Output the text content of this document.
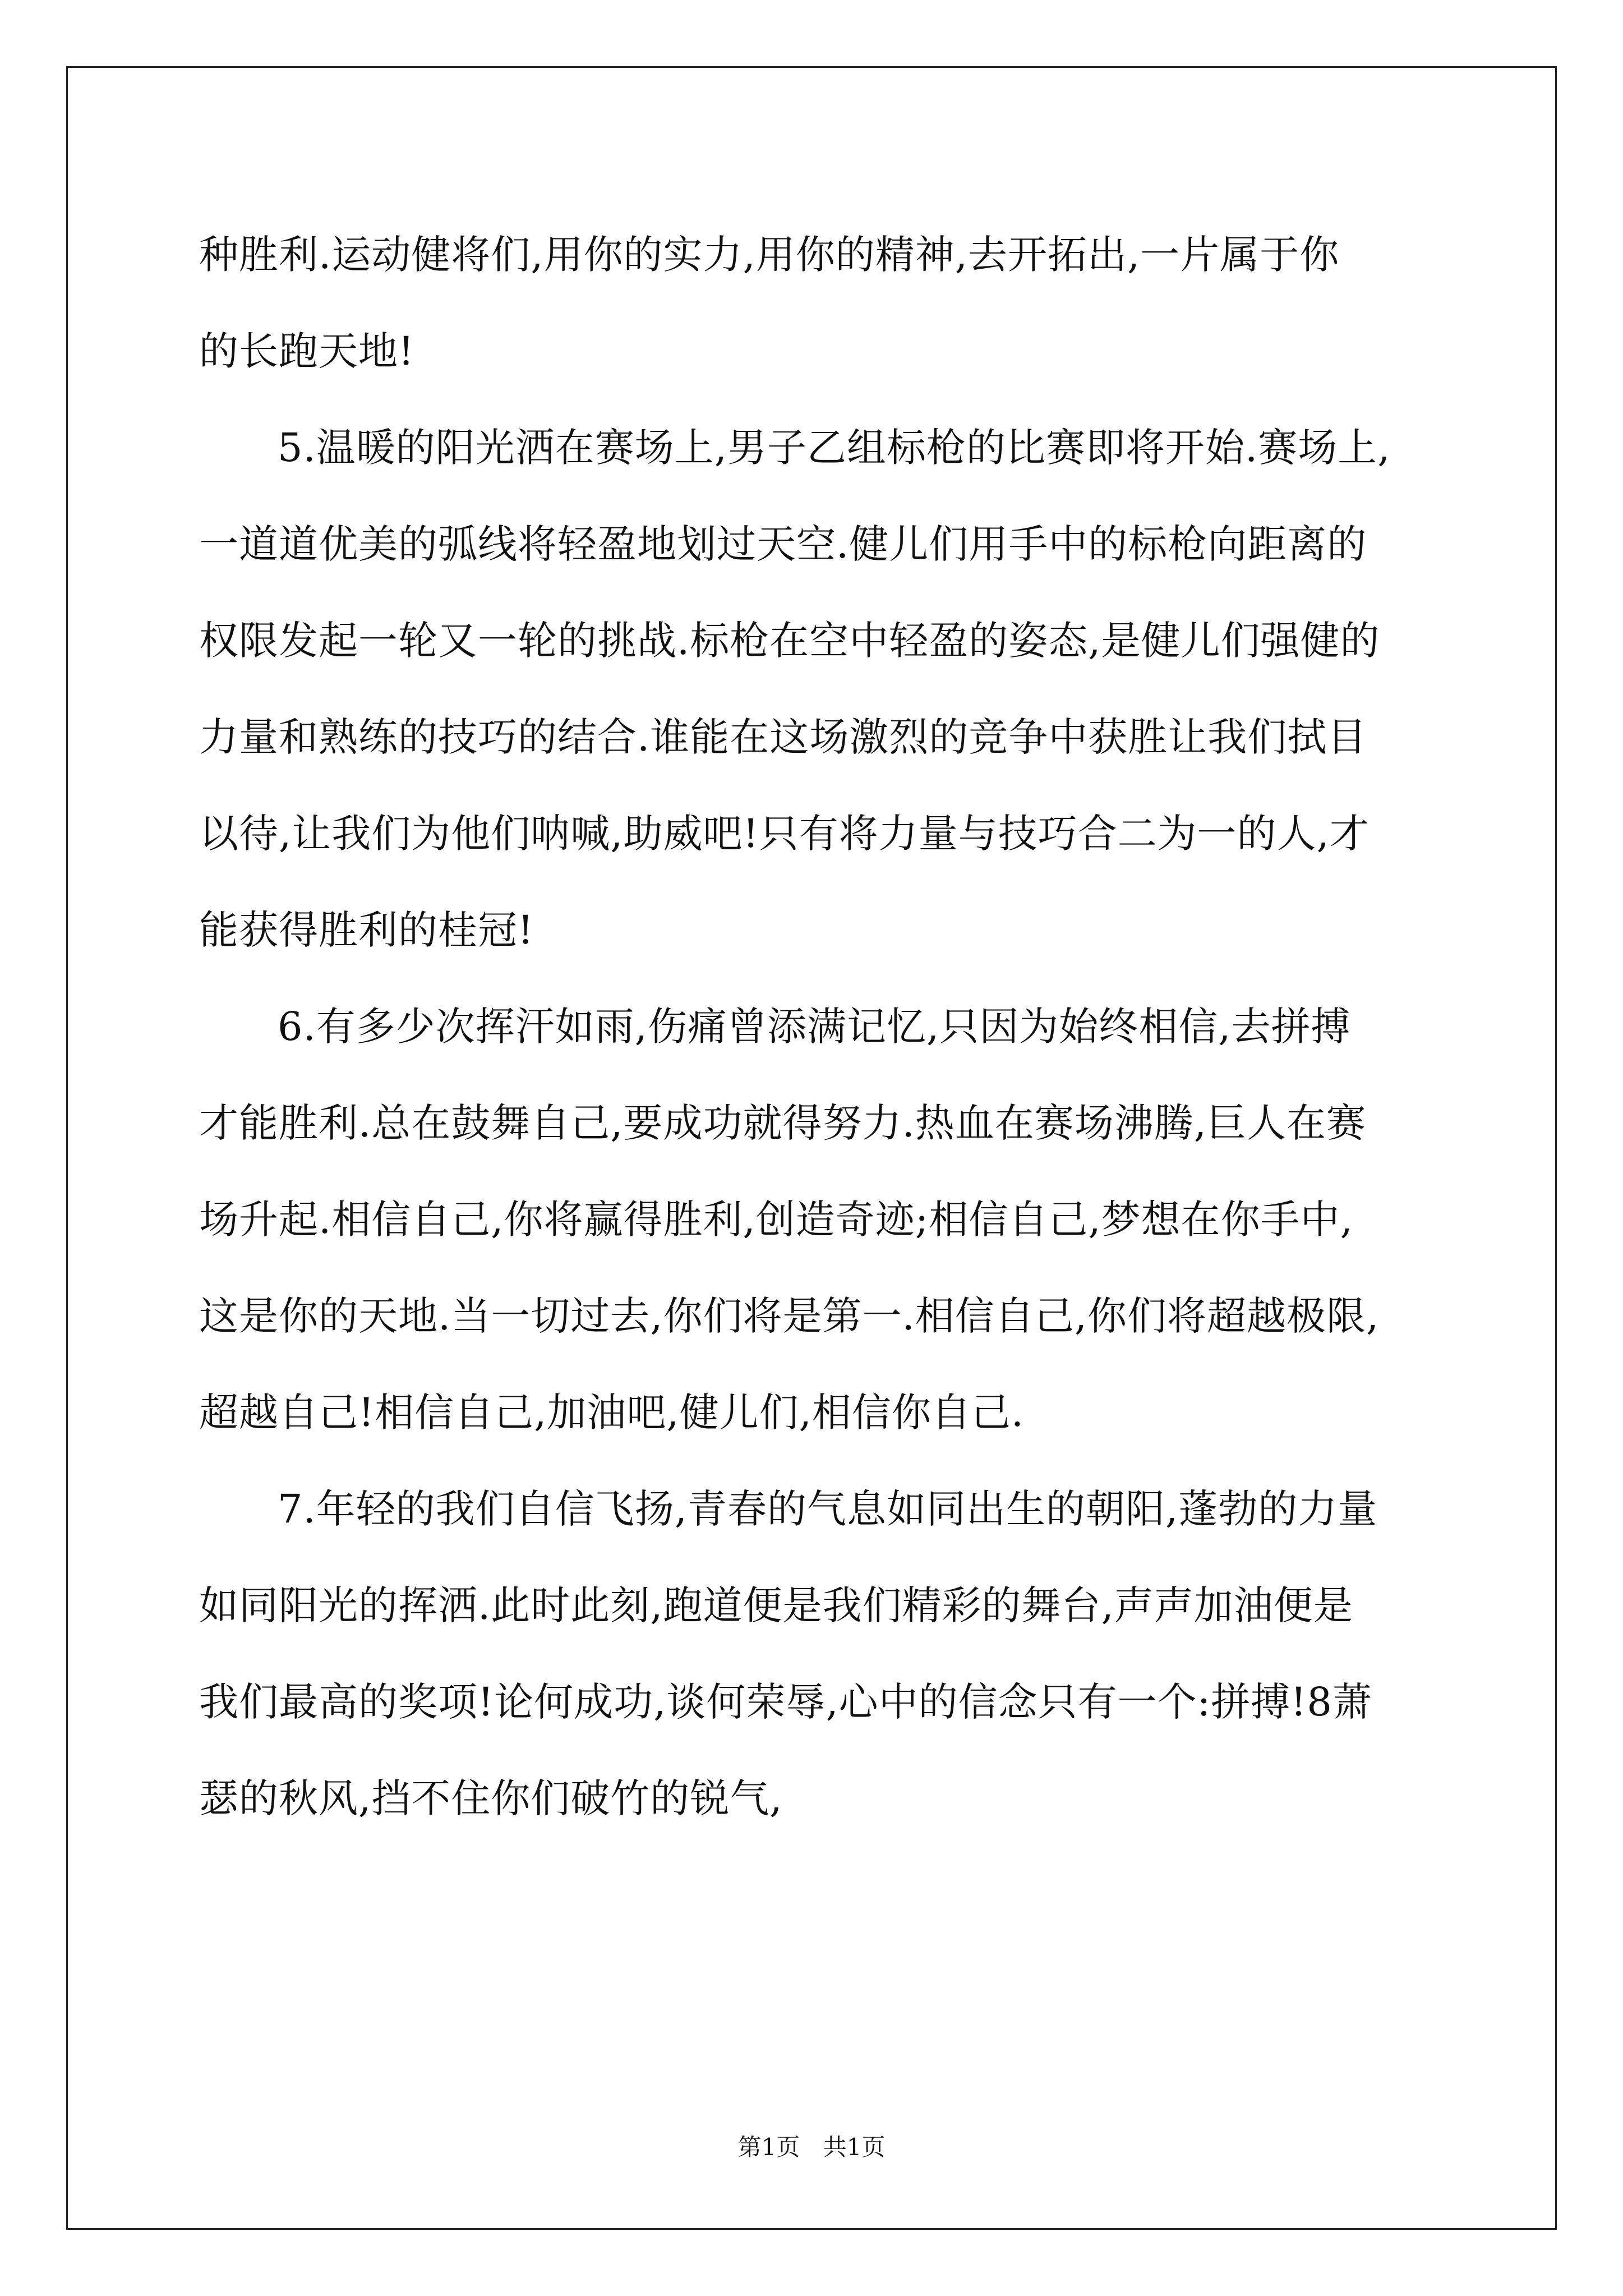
种胜利.运动健将们,用你的实力,用你的精神,去开拓出,一片属于你
的长跑天地!
5.温暖的阳光洒在赛场上,男子乙组标枪的比赛即将开始.赛场上,
一道道优美的弧线将轻盈地划过天空.健儿们用手中的标枪向距离的
权限发起一轮又一轮的挑战.标枪在空中轻盈的姿态,是健儿们强健的
力量和熟练的技巧的结合.谁能在这场激烈的竞争中获胜让我们拭目
以待,让我们为他们呐喊,助威吧!只有将力量与技巧合二为一的人,才
能获得胜利的桂冠!
6.有多少次挥汗如雨,伤痛曾添满记忆,只因为始终相信,去拼搏
才能胜利.总在鼓舞自己,要成功就得努力.热血在赛场沸腾,巨人在赛
场升起.相信自己,你将赢得胜利,创造奇迹;相信自己,梦想在你手中,
这是你的天地.当一切过去,你们将是第一.相信自己,你们将超越极限,
超越自己!相信自己,加油吧,健儿们,相信你自己.
7.年轻的我们自信飞扬,青春的气息如同出生的朝阳,蓬勃的力量
如同阳光的挥洒.此时此刻,跑道便是我们精彩的舞台,声声加油便是
我们最高的奖项!论何成功,谈何荣辱,心中的信念只有一个:拼搏!8萧
瑟的秋风,挡不住你们破竹的锐气,
第1页 共1页
